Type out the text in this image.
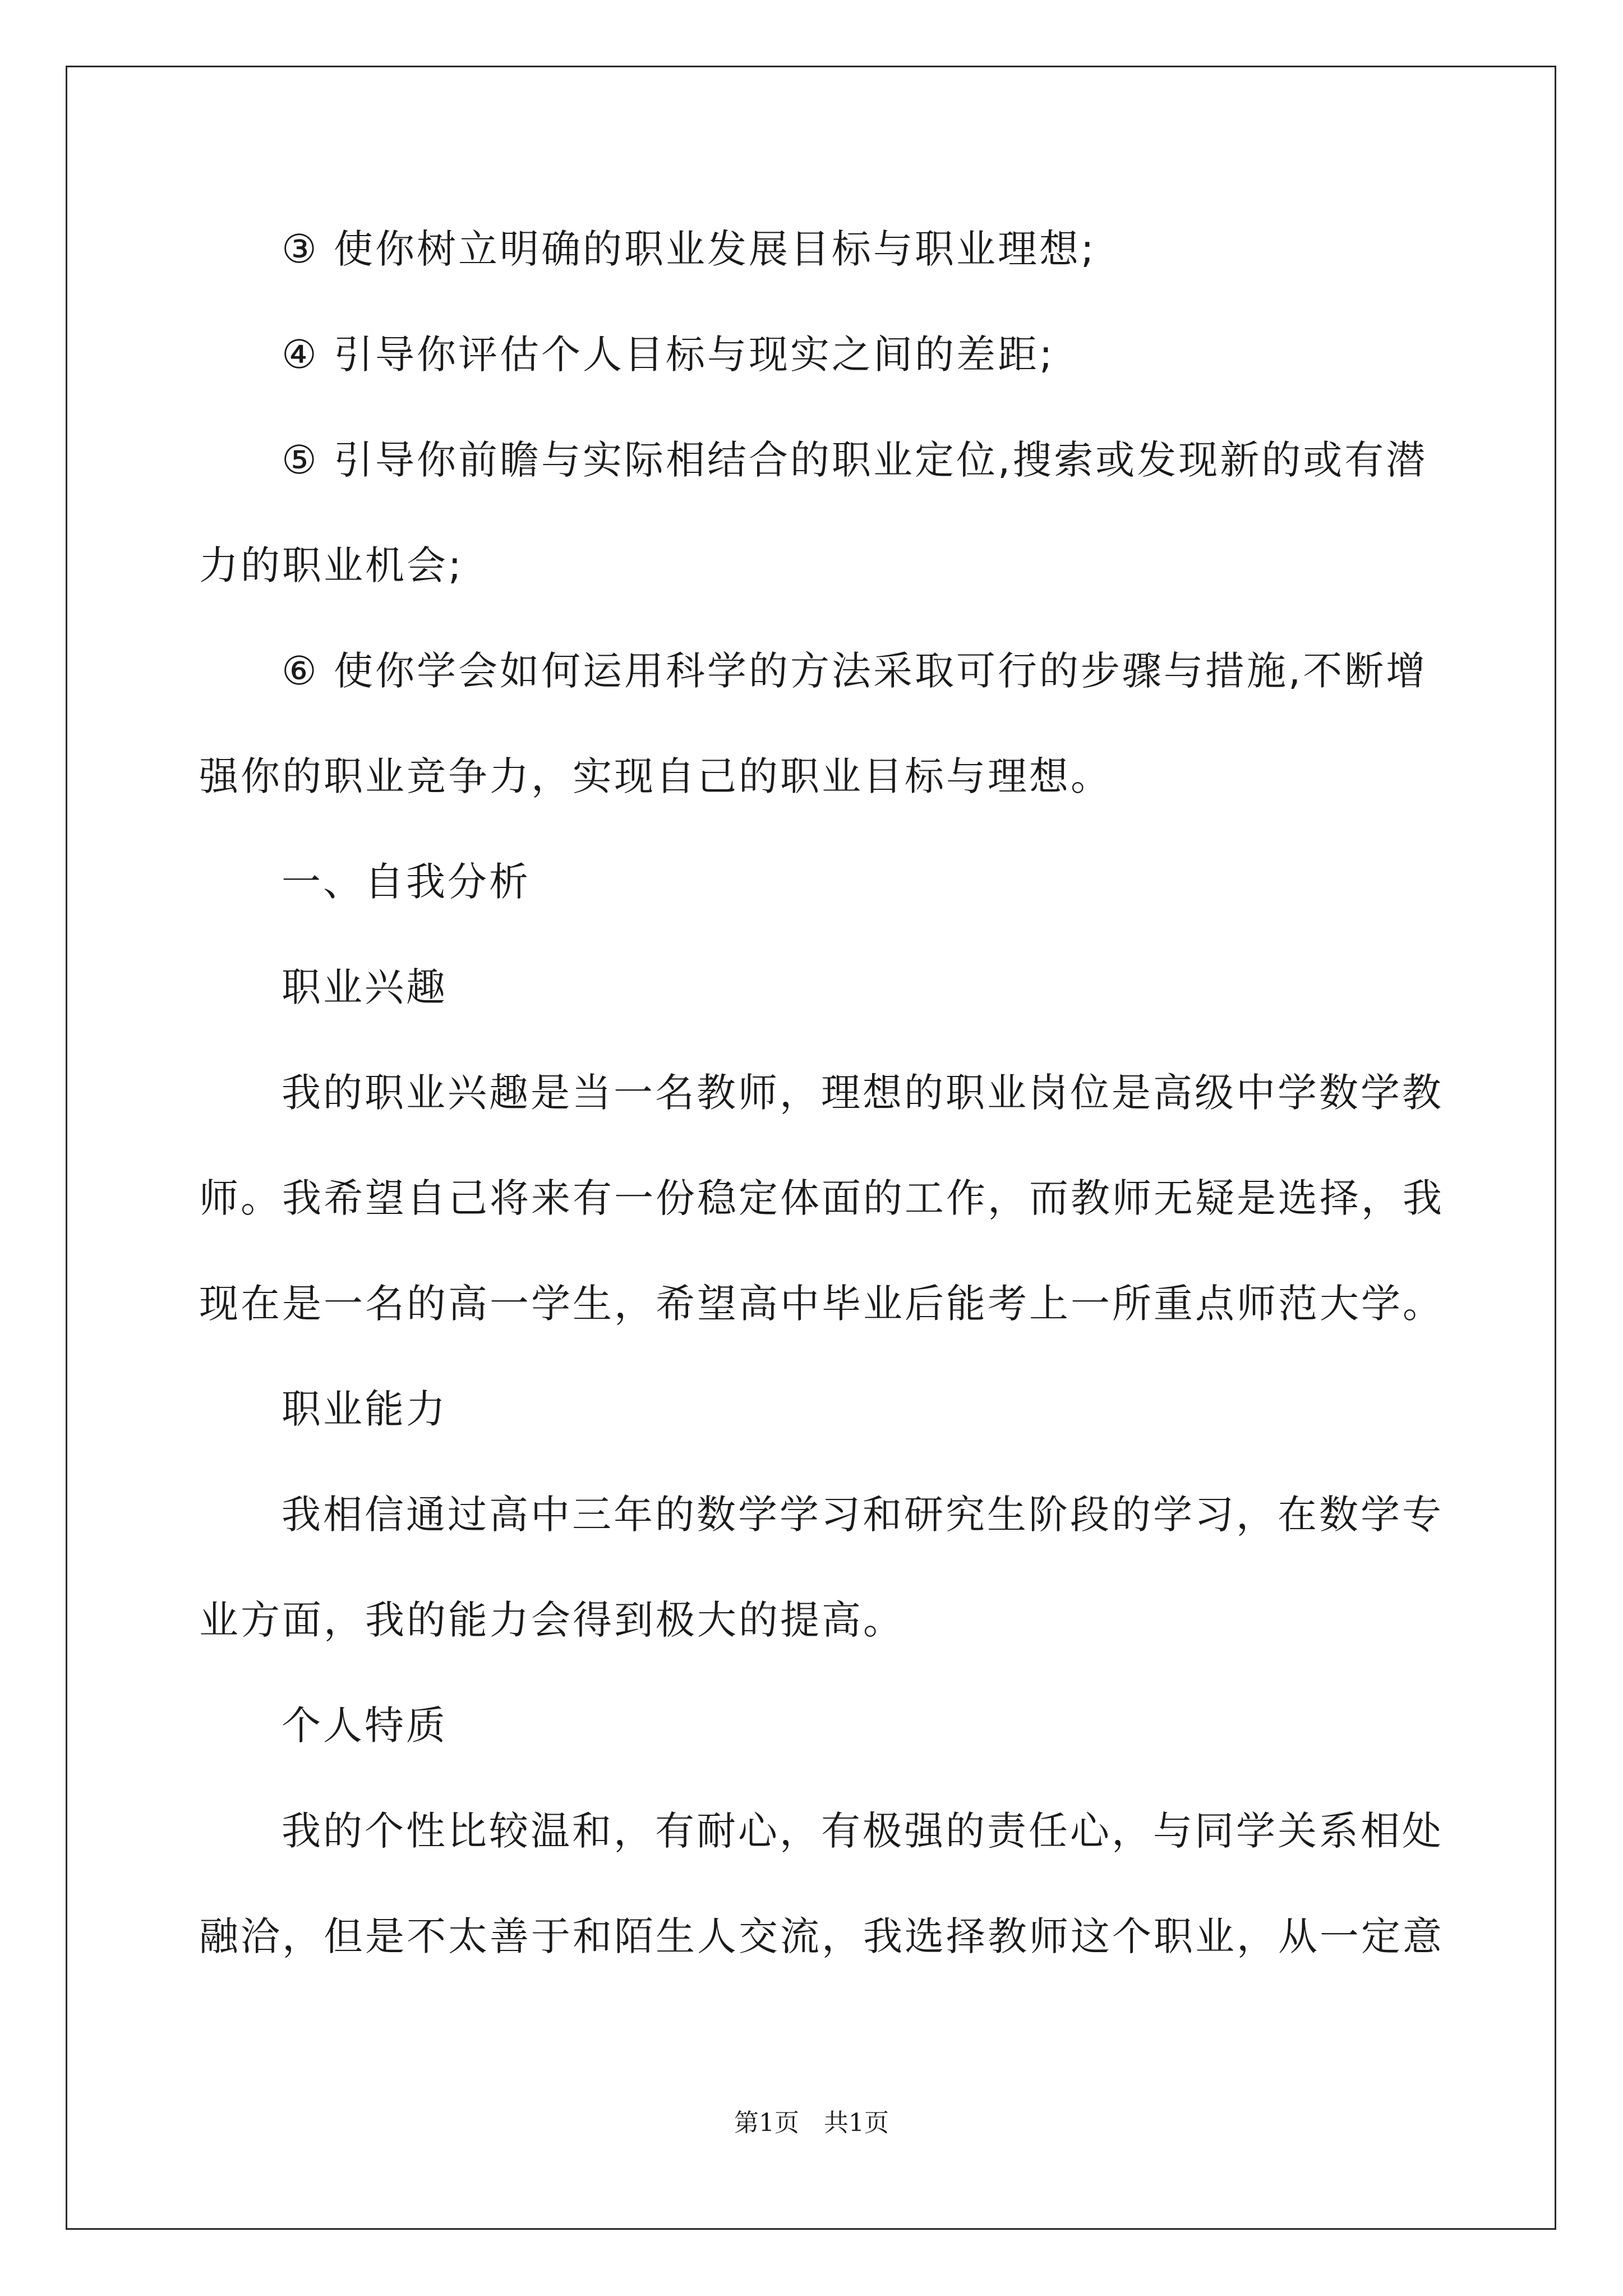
③ 使你树立明确的职业发展目标与职业理想;

④ 引导你评估个人目标与现实之间的差距;

⑤ 引导你前瞻与实际相结合的职业定位,搜索或发现新的或有潜

力的职业机会;

⑥ 使你学会如何运用科学的方法采取可行的步骤与措施,不断增

强你的职业竞争力，实现自己的职业目标与理想。

一、自我分析

职业兴趣

我的职业兴趣是当一名教师，理想的职业岗位是高级中学数学教

师。我希望自己将来有一份稳定体面的工作，而教师无疑是选择，我

现在是一名的高一学生，希望高中毕业后能考上一所重点师范大学。

职业能力

我相信通过高中三年的数学学习和研究生阶段的学习，在数学专

业方面，我的能力会得到极大的提高。

个人特质

我的个性比较温和，有耐心，有极强的责任心，与同学关系相处

融洽，但是不太善于和陌生人交流，我选择教师这个职业，从一定意

第1页　共1页
